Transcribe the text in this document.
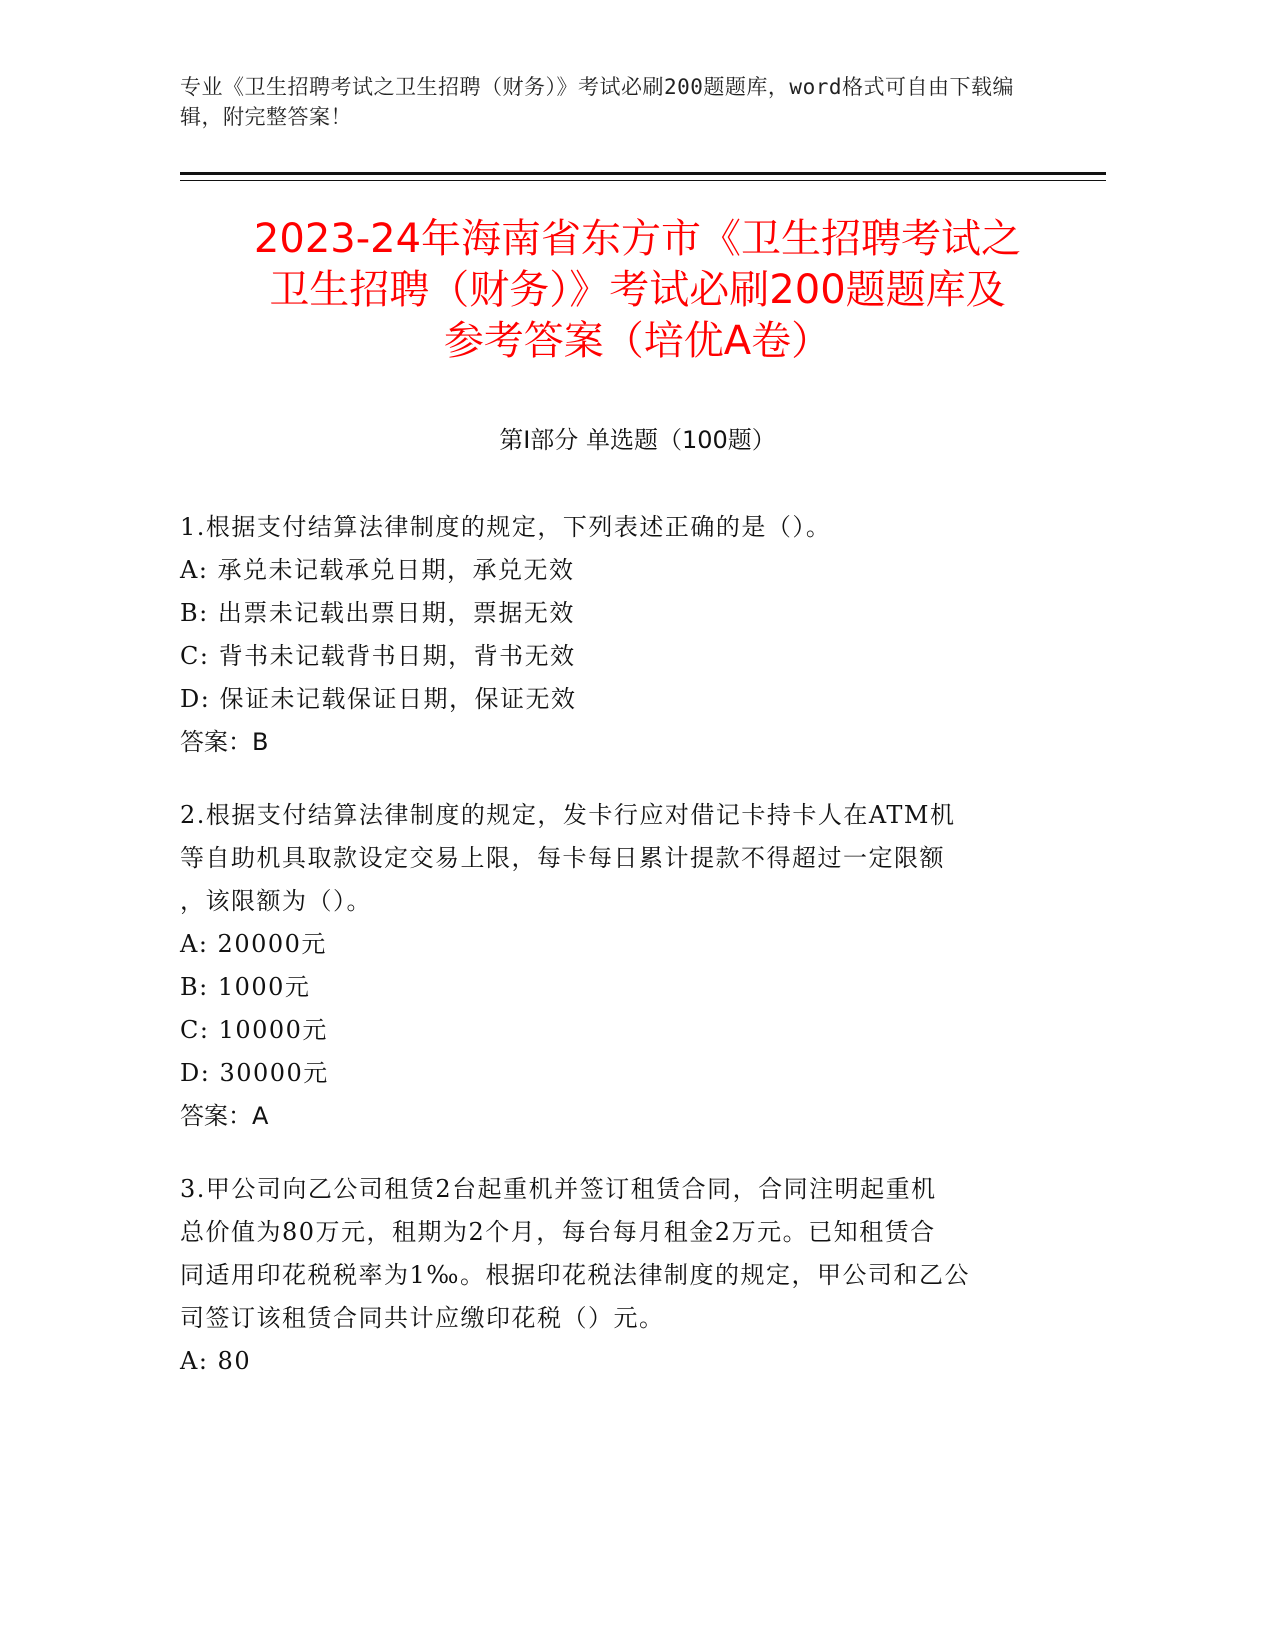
专业《卫生招聘考试之卫生招聘（财务）》考试必刷200题题库，word格式可自由下载编辑，附完整答案！
2023-24年海南省东方市《卫生招聘考试之
卫生招聘（财务）》考试必刷200题题库及
参考答案（培优A卷）
第Ⅰ部分 单选题（100题）
1.根据支付结算法律制度的规定，下列表述正确的是（）。
A: 承兑未记载承兑日期，承兑无效
B: 出票未记载出票日期，票据无效
C: 背书未记载背书日期，背书无效
D: 保证未记载保证日期，保证无效
答案：B
2.根据支付结算法律制度的规定，发卡行应对借记卡持卡人在ATM机
等自助机具取款设定交易上限，每卡每日累计提款不得超过一定限额
，该限额为（）。
A: 20000元
B: 1000元
C: 10000元
D: 30000元
答案：A
3.甲公司向乙公司租赁2台起重机并签订租赁合同，合同注明起重机
总价值为80万元，租期为2个月，每台每月租金2万元。已知租赁合
同适用印花税税率为1‰。根据印花税法律制度的规定，甲公司和乙公
司签订该租赁合同共计应缴印花税（）元。
A: 80
